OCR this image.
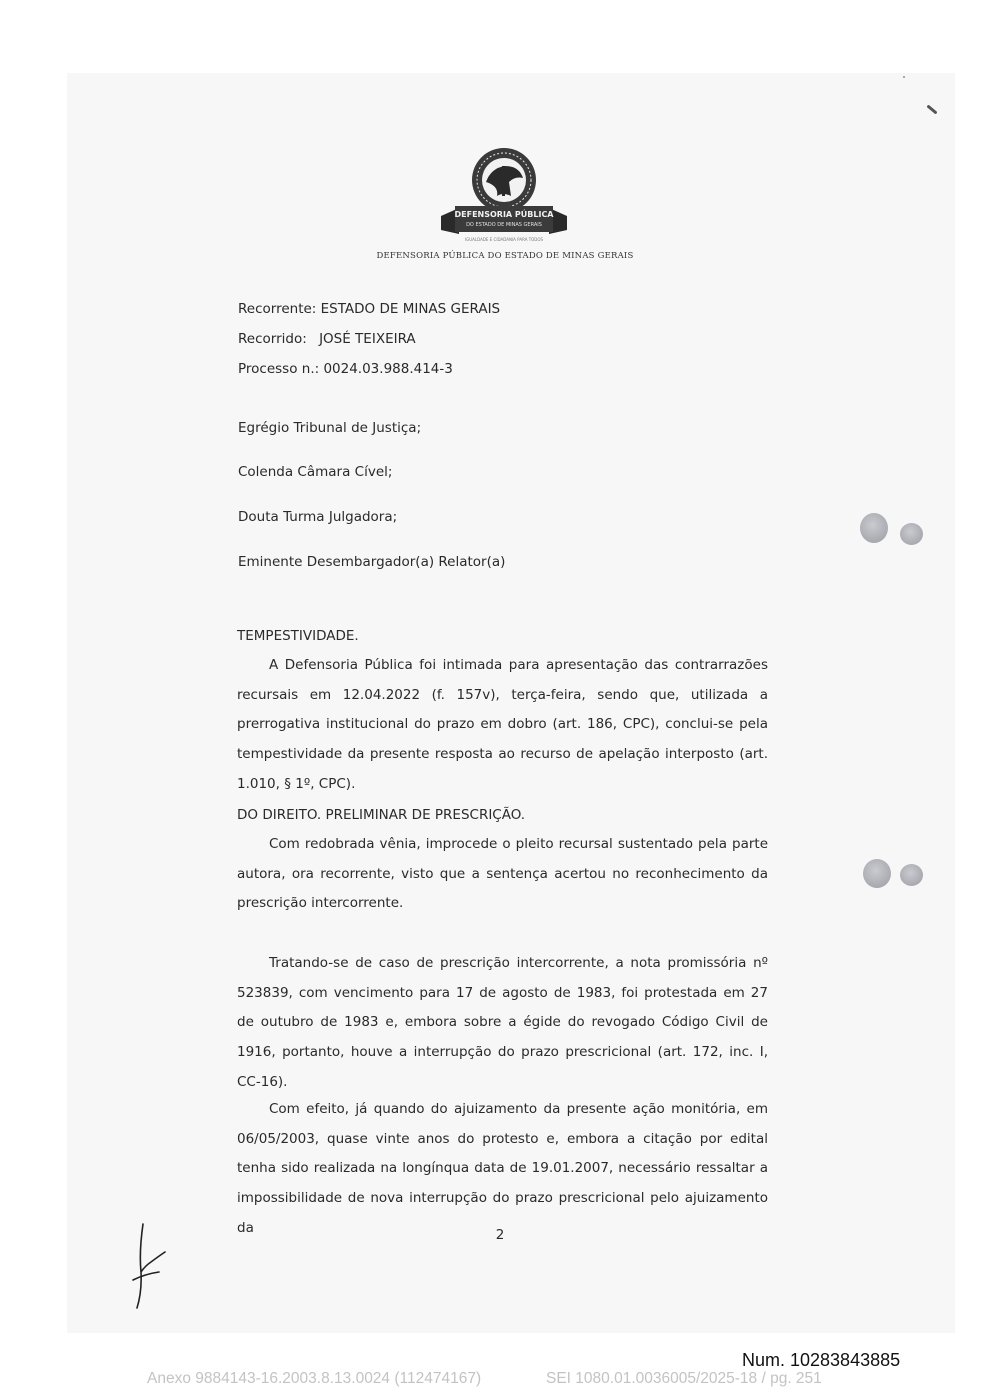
DEFENSORIA PÚBLICA
DO ESTADO DE MINAS GERAIS
IGUALDADE E CIDADANIA PARA TODOS
DEFENSORIA PÚBLICA DO ESTADO DE MINAS GERAIS
Recorrente: ESTADO DE MINAS GERAIS
Recorrido: JOSÉ TEIXEIRA
Processo n.: 0024.03.988.414-3
Egrégio Tribunal de Justiça;
Colenda Câmara Cível;
Douta Turma Julgadora;
Eminente Desembargador(a) Relator(a)
TEMPESTIVIDADE.

A Defensoria Pública foi intimada para apresentação das contrarrazões recursais em 12.04.2022 (f. 157v), terça-feira, sendo que, utilizada a prerrogativa institucional do prazo em dobro (art. 186, CPC), conclui-se pela tempestividade da presente resposta ao recurso de apelação interposto (art. 1.010, § 1º, CPC).

DO DIREITO. PRELIMINAR DE PRESCRIÇÃO.

Com redobrada vênia, improcede o pleito recursal sustentado pela parte autora, ora recorrente, visto que a sentença acertou no reconhecimento da prescrição intercorrente.

Tratando-se de caso de prescrição intercorrente, a nota promissória nº 523839, com vencimento para 17 de agosto de 1983, foi protestada em 27 de outubro de 1983 e, embora sobre a égide do revogado Código Civil de 1916, portanto, houve a interrupção do prazo prescricional (art. 172, inc. I, CC-16).

Com efeito, já quando do ajuizamento da presente ação monitória, em 06/05/2003, quase vinte anos do protesto e, embora a citação por edital tenha sido realizada na longínqua data de 19.01.2007, necessário ressaltar a impossibilidade de nova interrupção do prazo prescricional pelo ajuizamento da	2
Num. 10283843885
Anexo 9884143-16.2003.8.13.0024 (112474167)	SEI 1080.01.0036005/2025-18 / pg. 251
